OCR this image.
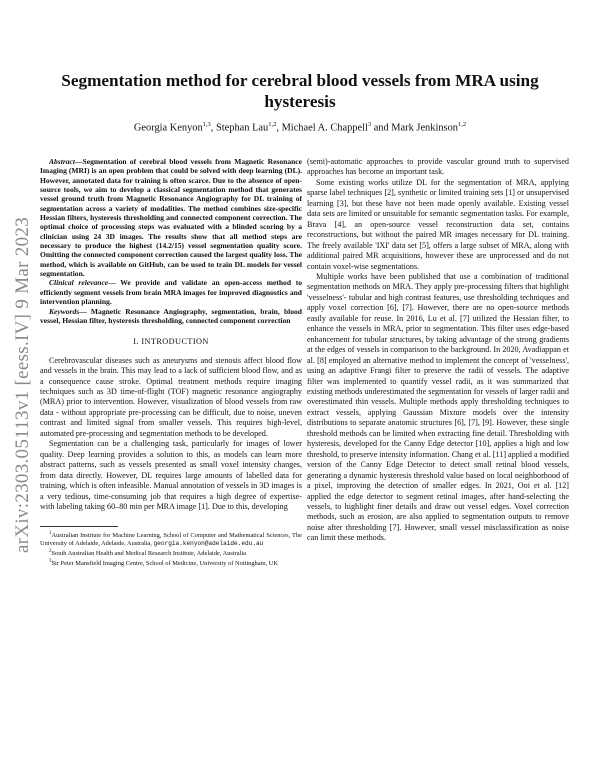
arXiv:2303.05113v1 [eess.IV] 9 Mar 2023
Segmentation method for cerebral blood vessels from MRA using hysteresis
Georgia Kenyon$^{1,3}$, Stephan Lau$^{1,2}$, Michael A. Chappell$^3$ and Mark Jenkinson$^{1,2}$

Abstract—Segmentation of cerebral blood vessels from Magnetic Resonance Imaging (MRI) is an open problem that could be solved with deep learning (DL). However, annotated data for training is often scarce. Due to the absence of open-source tools, we aim to develop a classical segmentation method that generates vessel ground truth from Magnetic Resonance Angiography for DL training of segmentation across a variety of modalities. The method combines size-specific Hessian filters, hysteresis thresholding and connected component correction. The optimal choice of processing steps was evaluated with a blinded scoring by a clinician using 24 3D images. The results show that all method steps are necessary to produce the highest (14.2/15) vessel segmentation quality score. Omitting the connected component correction caused the largest quality loss. The method, which is available on GitHub, can be used to train DL models for vessel segmentation.

Clinical relevance— We provide and validate an open-access method to efficiently segment vessels from brain MRA images for improved diagnostics and intervention planning.

Keywords— Magnetic Resonance Angiography, segmentation, brain, blood vessel, Hessian filter, hysteresis thresholding, connected component correction

I. INTRODUCTION

Cerebrovascular diseases such as aneurysms and stenosis affect blood flow and vessels in the brain. This may lead to a lack of sufficient blood flow, and as a consequence cause stroke. Optimal treatment methods require imaging techniques such as 3D time-of-flight (TOF) magnetic resonance angiography (MRA) prior to intervention. However, visualization of blood vessels from raw data - without appropriate pre-processing can be difficult, due to noise, uneven contrast and limited signal from smaller vessels. This requires high-level, automated pre-processing and segmentation methods to be developed.

Segmentation can be a challenging task, particularly for images of lower quality. Deep learning provides a solution to this, as models can learn more abstract patterns, such as vessels presented as small voxel intensity changes, from data directly. However, DL requires large amounts of labelled data for training, which is often infeasible. Manual annotation of vessels in 3D images is a very tedious, time-consuming job that requires a high degree of expertise- with labeling taking 60–80 min per MRA image [1]. Due to this, developing

$^1$Australian Institute for Machine Learning, School of Computer and Mathematical Sciences, The University of Adelaide, Adelaide, Australia, georgia.kenyon@adelaide.edu.au

$^2$South Australian Health and Medical Research Institute, Adelaide, Australia

$^3$Sir Peter Mansfield Imaging Centre, School of Medicine, University of Nottingham, UK

(semi)-automatic approaches to provide vascular ground truth to supervised approaches has become an important task.

Some existing works utilize DL for the segmentation of MRA, applying sparse label techniques [2], synthetic or limited training sets [1] or unsupervised learning [3], but these have not been made openly available. Existing vessel data sets are limited or unsuitable for semantic segmentation tasks. For example, Brava [4], an open-source vessel reconstruction data set, contains reconstructions, but without the paired MR images necessary for DL training. The freely available 'IXI' data set [5], offers a large subset of MRA, along with additional paired MR acquisitions, however these are unprocessed and do not contain voxel-wise segmentations.

Multiple works have been published that use a combination of traditional segmentation methods on MRA. They apply pre-processing filters that highlight 'vesselness'- tubular and high contrast features, use thresholding techniques and apply voxel correction [6], [7]. However, there are no open-source methods easily available for reuse. In 2016, Lu et al. [7] utilized the Hessian filter, to enhance the vessels in MRA, prior to segmentation. This filter uses edge-based enhancement for tubular structures, by taking advantage of the strong gradients at the edges of vessels in comparison to the background. In 2020, Avadiappan et al. [8] employed an alternative method to implement the concept of 'vesselness', using an adaptive Frangi filter to preserve the radii of vessels. The adaptive filter was implemented to quantify vessel radii, as it was summarized that existing methods underestimated the segmentation for vessels of larger radii and overestimated thin vessels. Multiple methods apply thresholding techniques to extract vessels, applying Gaussian Mixture models over the intensity distributions to separate anatomic structures [6], [7], [9]. However, these single threshold methods can be limited when extracting fine detail. Thresholding with hysteresis, developed for the Canny Edge detector [10], applies a high and low threshold, to preserve intensity information. Chang et al. [11] applied a modified version of the Canny Edge Detector to detect small retinal blood vessels, generating a dynamic hysteresis threshold value based on local neighborhood of a pixel, improving the detection of smaller edges. In 2021, Ooi et al. [12] applied the edge detector to segment retinal images, after hand-selecting the vessels, to highlight finer details and draw out vessel edges. Voxel correction methods, such as erosion, are also applied to segmentation outputs to remove noise after thresholding [7]. However, small vessel misclassification as noise can limit these methods.
